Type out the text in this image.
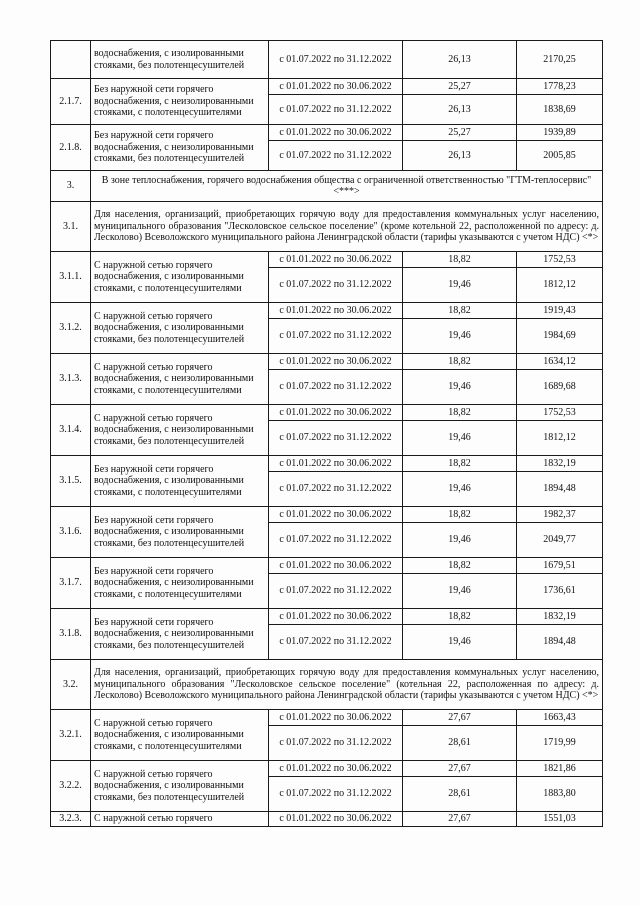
	водоснабжения, с изолированными стояками, без полотенцесушителей	с 01.07.2022 по 31.12.2022	26,13	2170,25
2.1.7.	Без наружной сети горячего водоснабжения, с неизолированными стояками, с полотенцесушителями	с 01.01.2022 по 30.06.2022	25,27	1778,23
		с 01.07.2022 по 31.12.2022	26,13	1838,69
2.1.8.	Без наружной сети горячего водоснабжения, с неизолированными стояками, без полотенцесушителей	с 01.01.2022 по 30.06.2022	25,27	1939,89
		с 01.07.2022 по 31.12.2022	26,13	2005,85
3.	В зоне теплоснабжения, горячего водоснабжения общества с ограниченной ответственностью "ГТМ-теплосервис" <***>			
3.1.	Для населения, организаций, приобретающих горячую воду для предоставления коммунальных услуг населению, муниципального образования "Лесколовское сельское поселение" (кроме котельной 22, расположенной по адресу: д. Лесколово) Всеволожского муниципального района Ленинградской области (тарифы указываются с учетом НДС) <*>			
3.1.1.	С наружной сетью горячего водоснабжения, с изолированными стояками, с полотенцесушителями	с 01.01.2022 по 30.06.2022	18,82	1752,53
		с 01.07.2022 по 31.12.2022	19,46	1812,12
3.1.2.	С наружной сетью горячего водоснабжения, с изолированными стояками, без полотенцесушителей	с 01.01.2022 по 30.06.2022	18,82	1919,43
		с 01.07.2022 по 31.12.2022	19,46	1984,69
3.1.3.	С наружной сетью горячего водоснабжения, с неизолированными стояками, с полотенцесушителями	с 01.01.2022 по 30.06.2022	18,82	1634,12
		с 01.07.2022 по 31.12.2022	19,46	1689,68
3.1.4.	С наружной сетью горячего водоснабжения, с неизолированными стояками, без полотенцесушителей	с 01.01.2022 по 30.06.2022	18,82	1752,53
		с 01.07.2022 по 31.12.2022	19,46	1812,12
3.1.5.	Без наружной сети горячего водоснабжения, с изолированными стояками, с полотенцесушителями	с 01.01.2022 по 30.06.2022	18,82	1832,19
		с 01.07.2022 по 31.12.2022	19,46	1894,48
3.1.6.	Без наружной сети горячего водоснабжения, с изолированными стояками, без полотенцесушителей	с 01.01.2022 по 30.06.2022	18,82	1982,37
		с 01.07.2022 по 31.12.2022	19,46	2049,77
3.1.7.	Без наружной сети горячего водоснабжения, с неизолированными стояками, с полотенцесушителями	с 01.01.2022 по 30.06.2022	18,82	1679,51
		с 01.07.2022 по 31.12.2022	19,46	1736,61
3.1.8.	Без наружной сети горячего водоснабжения, с неизолированными стояками, без полотенцесушителей	с 01.01.2022 по 30.06.2022	18,82	1832,19
		с 01.07.2022 по 31.12.2022	19,46	1894,48
3.2.	Для населения, организаций, приобретающих горячую воду для предоставления коммунальных услуг населению, муниципального образования "Лесколовское сельское поселение" (котельная 22, расположенная по адресу: д. Лесколово) Всеволожского муниципального района Ленинградской области (тарифы указываются с учетом НДС) <*>			
3.2.1.	С наружной сетью горячего водоснабжения, с изолированными стояками, с полотенцесушителями	с 01.01.2022 по 30.06.2022	27,67	1663,43
		с 01.07.2022 по 31.12.2022	28,61	1719,99
3.2.2.	С наружной сетью горячего водоснабжения, с изолированными стояками, без полотенцесушителей	с 01.01.2022 по 30.06.2022	27,67	1821,86
		с 01.07.2022 по 31.12.2022	28,61	1883,80
3.2.3.	С наружной сетью горячего	с 01.01.2022 по 30.06.2022	27,67	1551,03
